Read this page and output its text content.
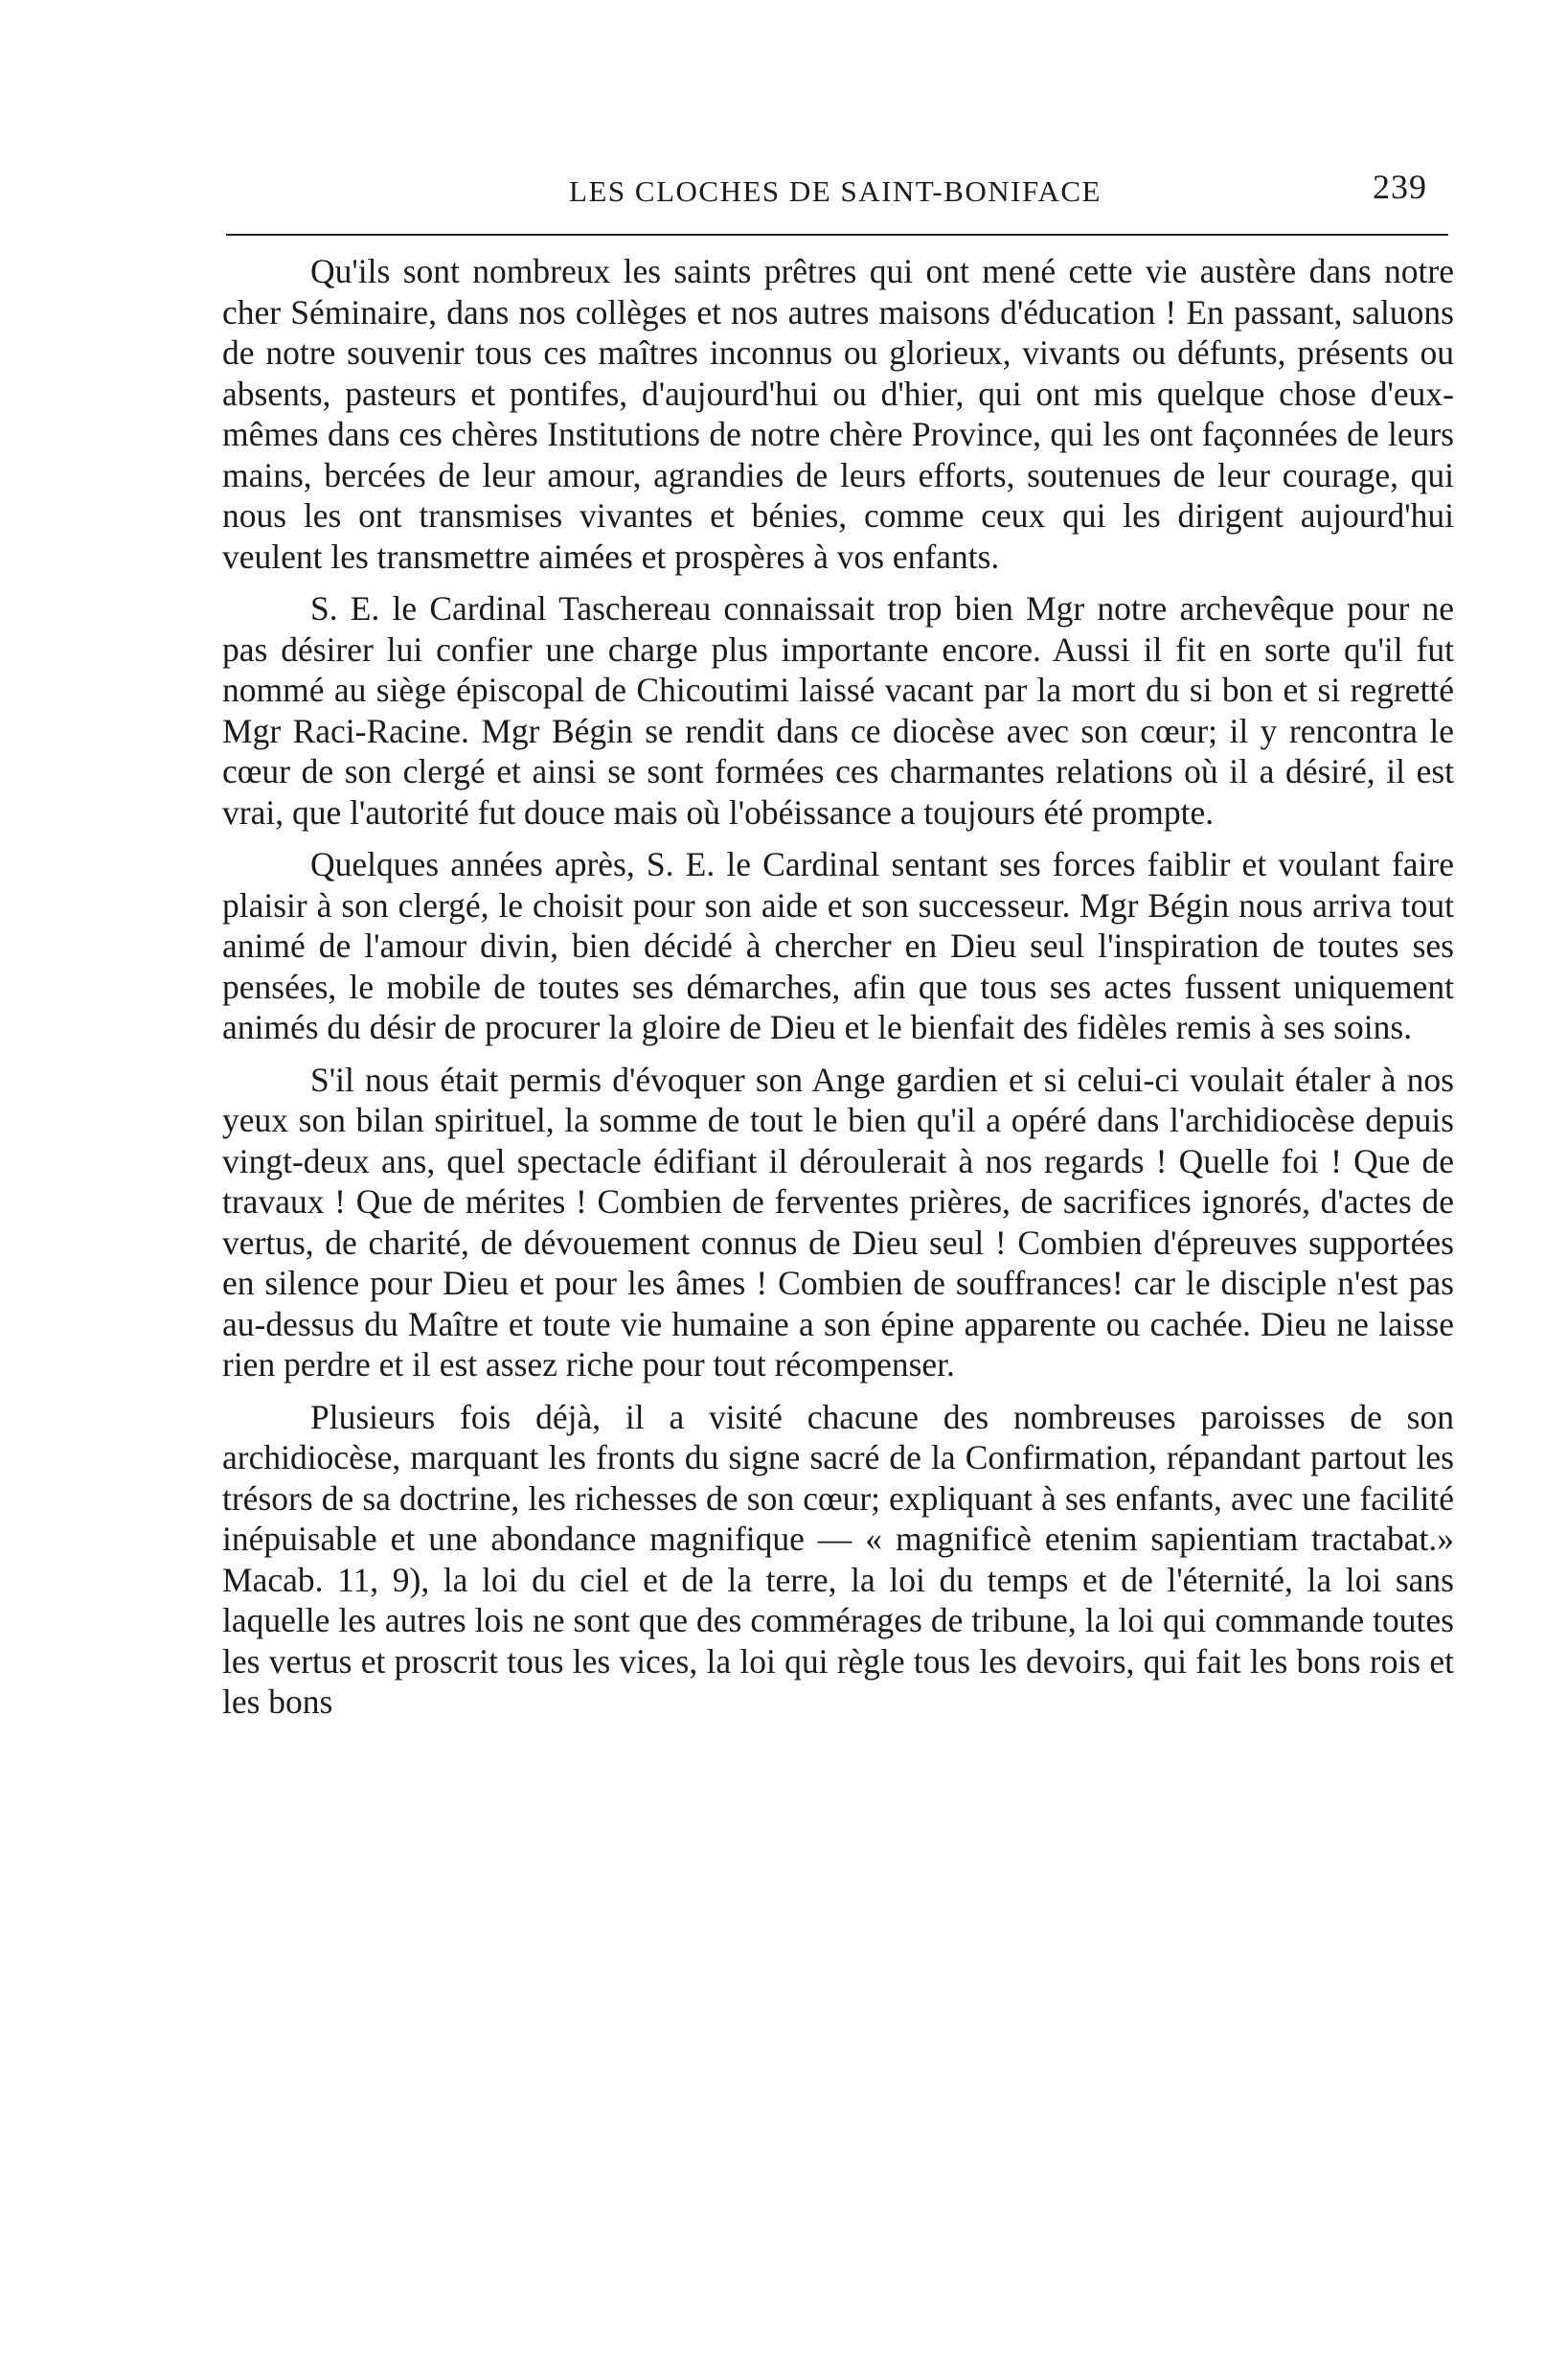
LES CLOCHES DE SAINT-BONIFACE	239

Qu'ils sont nombreux les saints prêtres qui ont mené cette vie austère dans notre cher Séminaire, dans nos collèges et nos autres maisons d'éducation ! En passant, saluons de notre souvenir tous ces maîtres inconnus ou glorieux, vivants ou défunts, présents ou absents, pasteurs et pontifes, d'aujourd'hui ou d'hier, qui ont mis quelque chose d'eux-mêmes dans ces chères Institutions de notre chère Province, qui les ont façonnées de leurs mains, bercées de leur amour, agrandies de leurs efforts, soutenues de leur courage, qui nous les ont transmises vivantes et bénies, comme ceux qui les dirigent aujourd'hui veulent les transmettre aimées et prospères à vos enfants.

S. E. le Cardinal Taschereau connaissait trop bien Mgr notre archevêque pour ne pas désirer lui confier une charge plus importante encore. Aussi il fit en sorte qu'il fut nommé au siège épiscopal de Chicoutimi laissé vacant par la mort du si bon et si regretté Mgr Raci-Racine. Mgr Bégin se rendit dans ce diocèse avec son cœur; il y rencontra le cœur de son clergé et ainsi se sont formées ces charmantes relations où il a désiré, il est vrai, que l'autorité fut douce mais où l'obéissance a toujours été prompte.

Quelques années après, S. E. le Cardinal sentant ses forces faiblir et voulant faire plaisir à son clergé, le choisit pour son aide et son successeur. Mgr Bégin nous arriva tout animé de l'amour divin, bien décidé à chercher en Dieu seul l'inspiration de toutes ses pensées, le mobile de toutes ses démarches, afin que tous ses actes fussent uniquement animés du désir de procurer la gloire de Dieu et le bienfait des fidèles remis à ses soins.

S'il nous était permis d'évoquer son Ange gardien et si celui-ci voulait étaler à nos yeux son bilan spirituel, la somme de tout le bien qu'il a opéré dans l'archidiocèse depuis vingt-deux ans, quel spectacle édifiant il déroulerait à nos regards ! Quelle foi ! Que de travaux ! Que de mérites ! Combien de ferventes prières, de sacrifices ignorés, d'actes de vertus, de charité, de dévouement connus de Dieu seul ! Combien d'épreuves supportées en silence pour Dieu et pour les âmes ! Combien de souffrances! car le disciple n'est pas au-dessus du Maître et toute vie humaine a son épine apparente ou cachée. Dieu ne laisse rien perdre et il est assez riche pour tout récompenser.

Plusieurs fois déjà, il a visité chacune des nombreuses paroisses de son archidiocèse, marquant les fronts du signe sacré de la Confirmation, répandant partout les trésors de sa doctrine, les richesses de son cœur; expliquant à ses enfants, avec une facilité inépuisable et une abondance magnifique — « magnificè etenim sapientiam tractabat.» Macab. 11, 9), la loi du ciel et de la terre, la loi du temps et de l'éternité, la loi sans laquelle les autres lois ne sont que des commérages de tribune, la loi qui commande toutes les vertus et proscrit tous les vices, la loi qui règle tous les devoirs, qui fait les bons rois et les bons
